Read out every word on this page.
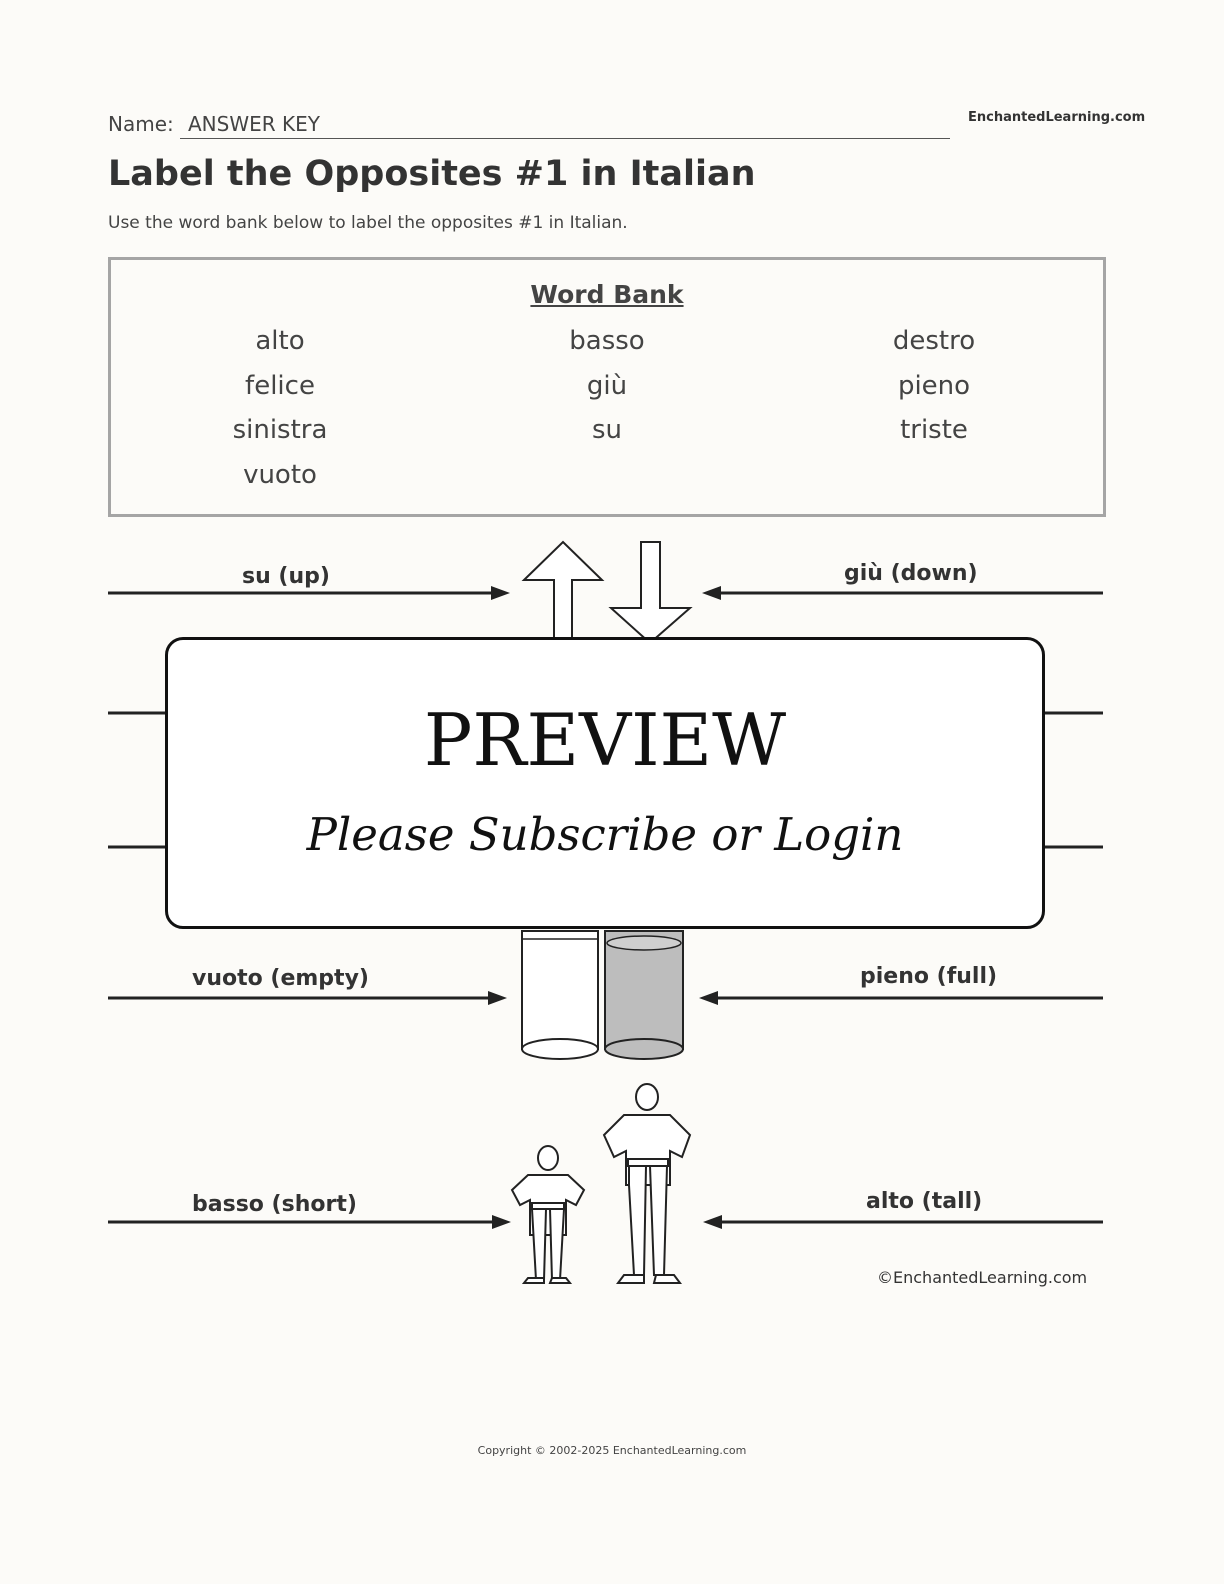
Name: ANSWER KEY	EnchantedLearning.com
Label the Opposites #1 in Italian
Use the word bank below to label the opposites #1 in Italian.
Word Bank
alto	basso	destro
felice	giù	pieno
sinistra	su	triste
vuoto
su (up)	giù (down)
vuoto (empty)	pieno (full)
basso (short)	alto (tall)
©EnchantedLearning.com
PREVIEW
Please Subscribe or Login
Copyright © 2002-2025 EnchantedLearning.com
